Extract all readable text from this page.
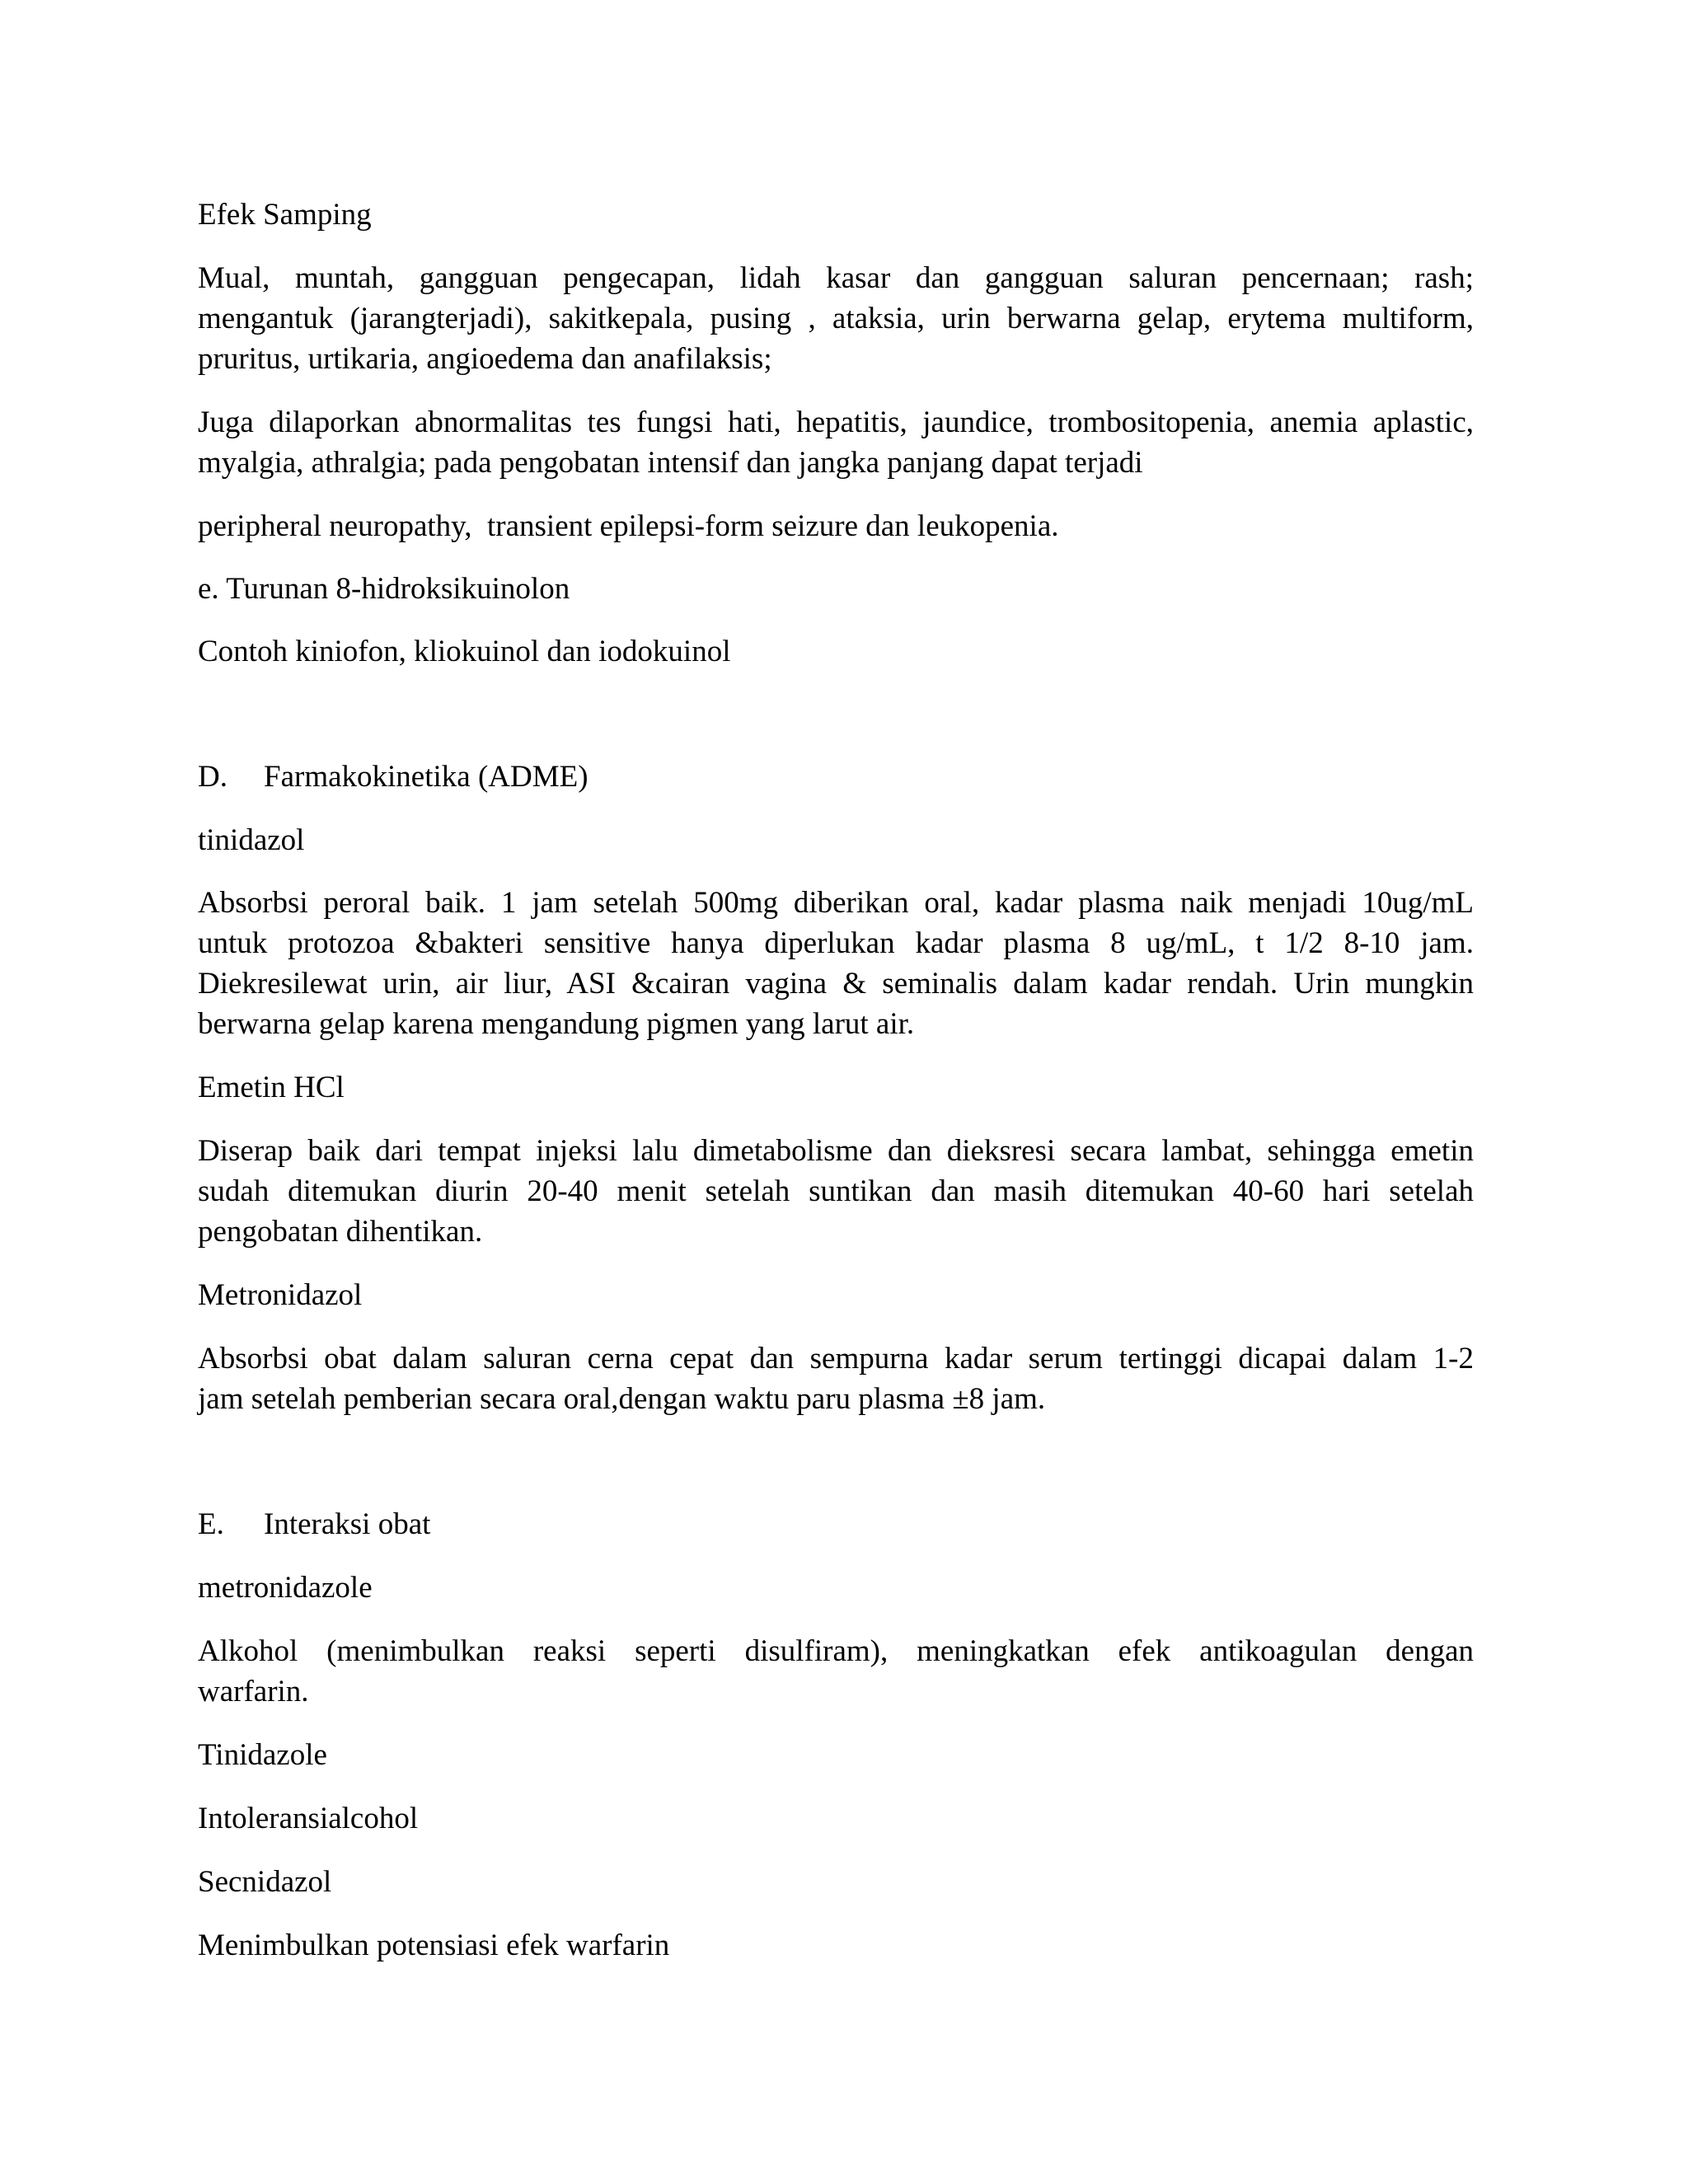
Efek Samping
Mual, muntah, gangguan pengecapan, lidah kasar dan gangguan saluran pencernaan; rash;
mengantuk (jarangterjadi), sakitkepala, pusing , ataksia, urin berwarna gelap, erytema multiform,
pruritus, urtikaria, angioedema dan anafilaksis;
Juga dilaporkan abnormalitas tes fungsi hati, hepatitis, jaundice, trombositopenia, anemia aplastic,
myalgia, athralgia; pada pengobatan intensif dan jangka panjang dapat terjadi
peripheral neuropathy,  transient epilepsi-form seizure dan leukopenia.
e. Turunan 8-hidroksikuinolon
Contoh kiniofon, kliokuinol dan iodokuinol
D. Farmakokinetika (ADME)
tinidazol
Absorbsi peroral baik. 1 jam setelah 500mg diberikan oral, kadar plasma naik menjadi 10ug/mL
untuk protozoa &bakteri sensitive hanya diperlukan kadar plasma 8 ug/mL, t 1/2 8-10 jam.
Diekresilewat urin, air liur, ASI &cairan vagina & seminalis dalam kadar rendah. Urin mungkin
berwarna gelap karena mengandung pigmen yang larut air.
Emetin HCl
Diserap baik dari tempat injeksi lalu dimetabolisme dan dieksresi secara lambat, sehingga emetin
sudah ditemukan diurin 20-40 menit setelah suntikan dan masih ditemukan 40-60 hari setelah
pengobatan dihentikan.
Metronidazol
Absorbsi obat dalam saluran cerna cepat dan sempurna kadar serum tertinggi dicapai dalam 1-2
jam setelah pemberian secara oral,dengan waktu paru plasma ±8 jam.
E. Interaksi obat
metronidazole
Alkohol (menimbulkan reaksi seperti disulfiram), meningkatkan efek antikoagulan dengan
warfarin.
Tinidazole
Intoleransialcohol
Secnidazol
Menimbulkan potensiasi efek warfarin
